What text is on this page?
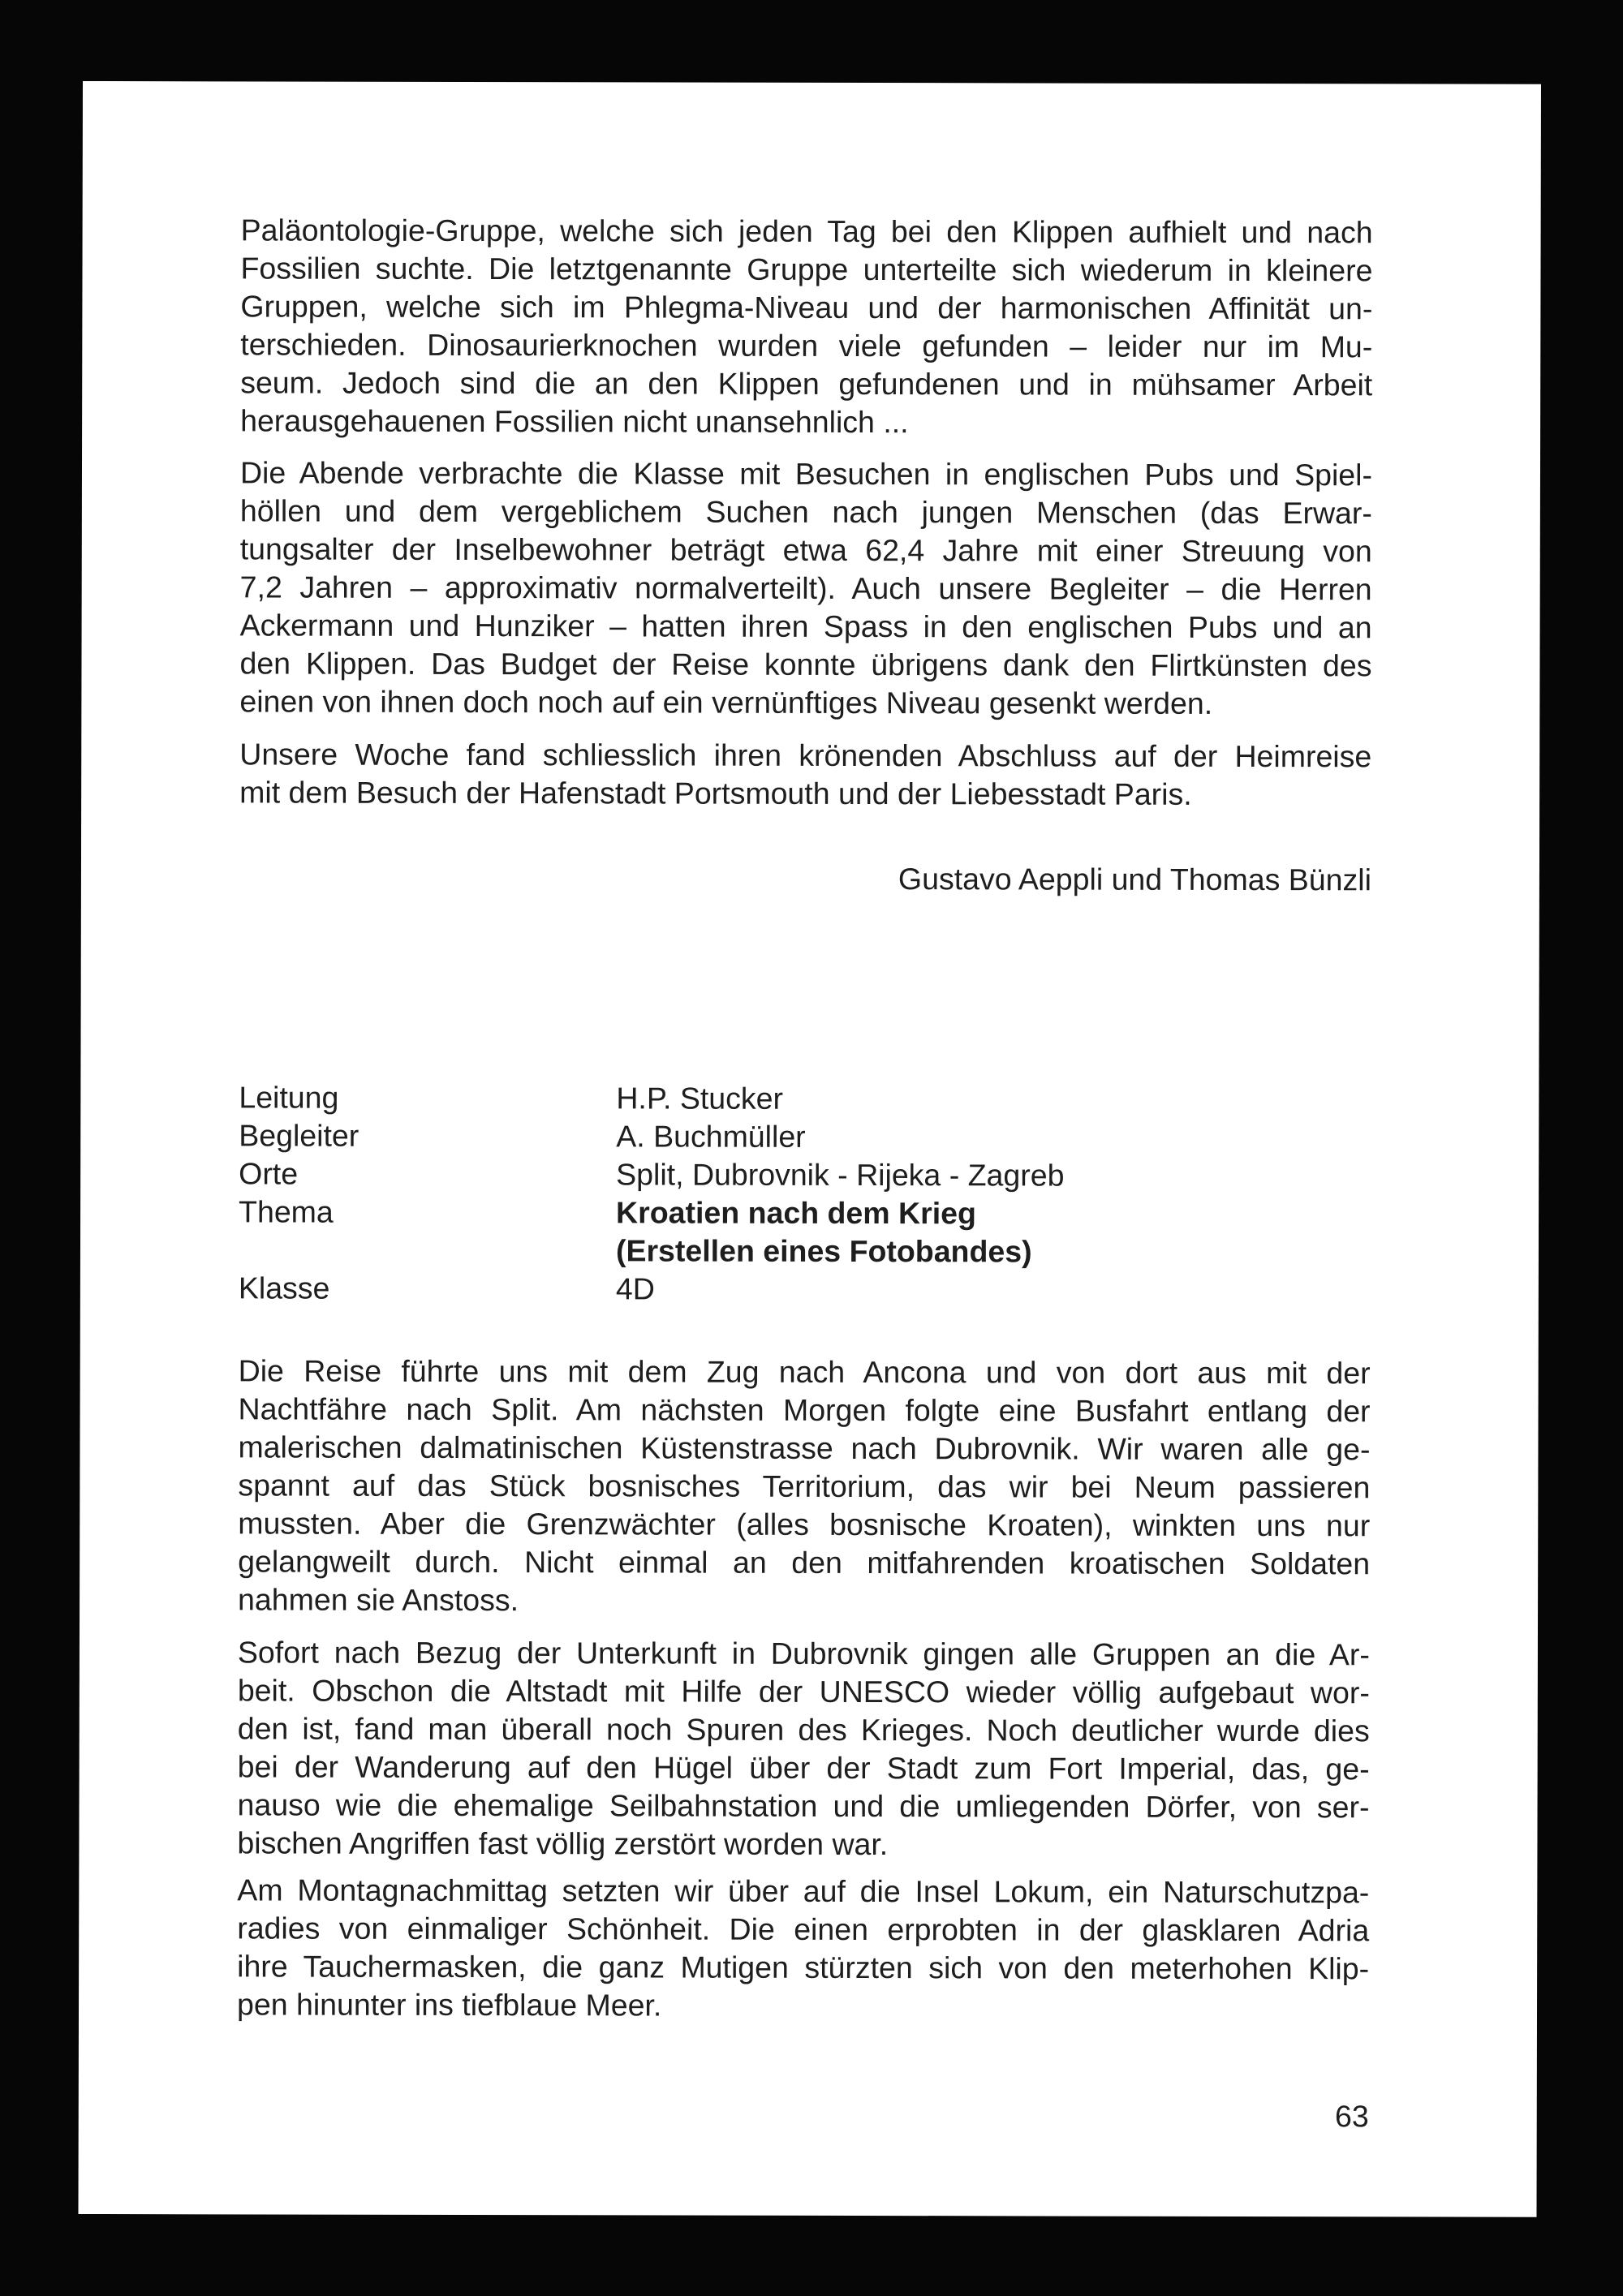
Paläontologie-Gruppe, welche sich jeden Tag bei den Klippen aufhielt und nach
Fossilien suchte. Die letztgenannte Gruppe unterteilte sich wiederum in kleinere
Gruppen, welche sich im Phlegma-Niveau und der harmonischen Affinität un-
terschieden. Dinosaurierknochen wurden viele gefunden – leider nur im Mu-
seum. Jedoch sind die an den Klippen gefundenen und in mühsamer Arbeit
herausgehauenen Fossilien nicht unansehnlich ...
Die Abende verbrachte die Klasse mit Besuchen in englischen Pubs und Spiel-
höllen und dem vergeblichem Suchen nach jungen Menschen (das Erwar-
tungsalter der Inselbewohner beträgt etwa 62,4 Jahre mit einer Streuung von
7,2 Jahren – approximativ normalverteilt). Auch unsere Begleiter – die Herren
Ackermann und Hunziker – hatten ihren Spass in den englischen Pubs und an
den Klippen. Das Budget der Reise konnte übrigens dank den Flirtkünsten des
einen von ihnen doch noch auf ein vernünftiges Niveau gesenkt werden.
Unsere Woche fand schliesslich ihren krönenden Abschluss auf der Heimreise
mit dem Besuch der Hafenstadt Portsmouth und der Liebesstadt Paris.
Gustavo Aeppli und Thomas Bünzli
Leitung	H.P. Stucker
Begleiter	A. Buchmüller
Orte	Split, Dubrovnik - Rijeka - Zagreb
Thema	Kroatien nach dem Krieg
(Erstellen eines Fotobandes)
Klasse	4D
Die Reise führte uns mit dem Zug nach Ancona und von dort aus mit der
Nachtfähre nach Split. Am nächsten Morgen folgte eine Busfahrt entlang der
malerischen dalmatinischen Küstenstrasse nach Dubrovnik. Wir waren alle ge-
spannt auf das Stück bosnisches Territorium, das wir bei Neum passieren
mussten. Aber die Grenzwächter (alles bosnische Kroaten), winkten uns nur
gelangweilt durch. Nicht einmal an den mitfahrenden kroatischen Soldaten
nahmen sie Anstoss.
Sofort nach Bezug der Unterkunft in Dubrovnik gingen alle Gruppen an die Ar-
beit. Obschon die Altstadt mit Hilfe der UNESCO wieder völlig aufgebaut wor-
den ist, fand man überall noch Spuren des Krieges. Noch deutlicher wurde dies
bei der Wanderung auf den Hügel über der Stadt zum Fort Imperial, das, ge-
nauso wie die ehemalige Seilbahnstation und die umliegenden Dörfer, von ser-
bischen Angriffen fast völlig zerstört worden war.
Am Montagnachmittag setzten wir über auf die Insel Lokum, ein Naturschutzpa-
radies von einmaliger Schönheit. Die einen erprobten in der glasklaren Adria
ihre Tauchermasken, die ganz Mutigen stürzten sich von den meterhohen Klip-
pen hinunter ins tiefblaue Meer.
63
